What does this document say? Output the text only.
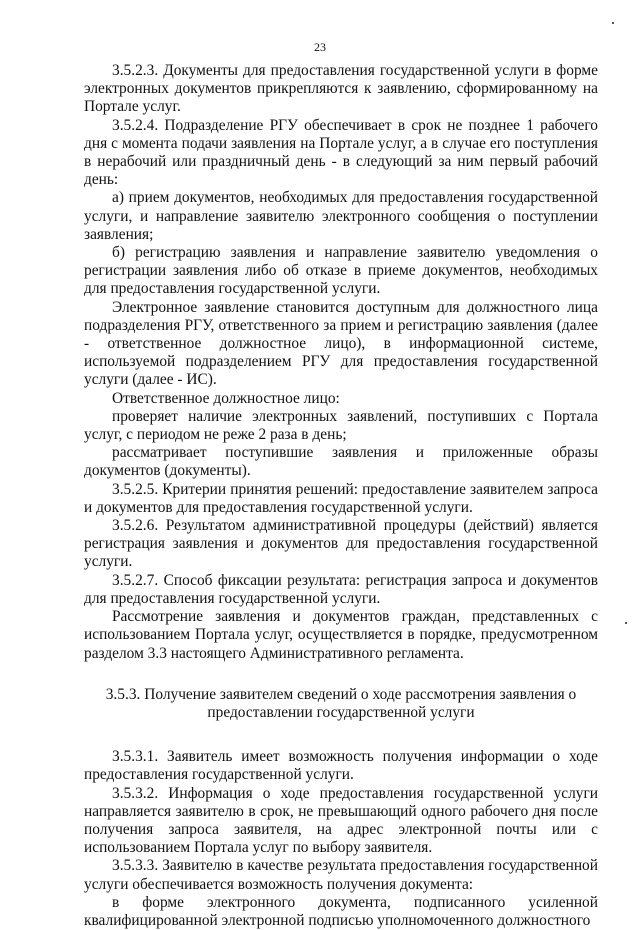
23

3.5.2.3. Документы для предоставления государственной услуги в форме электронных документов прикрепляются к заявлению, сформированному на Портале услуг.

3.5.2.4. Подразделение РГУ обеспечивает в срок не позднее 1 рабочего дня с момента подачи заявления на Портале услуг, а в случае его поступления в нерабочий или праздничный день - в следующий за ним первый рабочий день:

а) прием документов, необходимых для предоставления государственной услуги, и направление заявителю электронного сообщения о поступлении заявления;

б) регистрацию заявления и направление заявителю уведомления о регистрации заявления либо об отказе в приеме документов, необходимых для предоставления государственной услуги.

Электронное заявление становится доступным для должностного лица подразделения РГУ, ответственного за прием и регистрацию заявления (далее - ответственное должностное лицо), в информационной системе, используемой подразделением РГУ для предоставления государственной услуги (далее - ИС).

Ответственное должностное лицо:

проверяет наличие электронных заявлений, поступивших с Портала услуг, с периодом не реже 2 раза в день;

рассматривает поступившие заявления и приложенные образы документов (документы).

3.5.2.5. Критерии принятия решений: предоставление заявителем запроса и документов для предоставления государственной услуги.

3.5.2.6. Результатом административной процедуры (действий) является регистрация заявления и документов для предоставления государственной услуги.

3.5.2.7. Способ фиксации результата: регистрация запроса и документов для предоставления государственной услуги.

Рассмотрение заявления и документов граждан, представленных с использованием Портала услуг, осуществляется в порядке, предусмотренном разделом 3.3 настоящего Административного регламента.

3.5.3. Получение заявителем сведений о ходе рассмотрения заявления о
предоставлении государственной услуги

3.5.3.1. Заявитель имеет возможность получения информации о ходе предоставления государственной услуги.

3.5.3.2. Информация о ходе предоставления государственной услуги направляется заявителю в срок, не превышающий одного рабочего дня после получения запроса заявителя, на адрес электронной почты или с использованием Портала услуг по выбору заявителя.

3.5.3.3. Заявителю в качестве результата предоставления государственной услуги обеспечивается возможность получения документа:

в форме электронного документа, подписанного усиленной квалифицированной электронной подписью уполномоченного должностного
